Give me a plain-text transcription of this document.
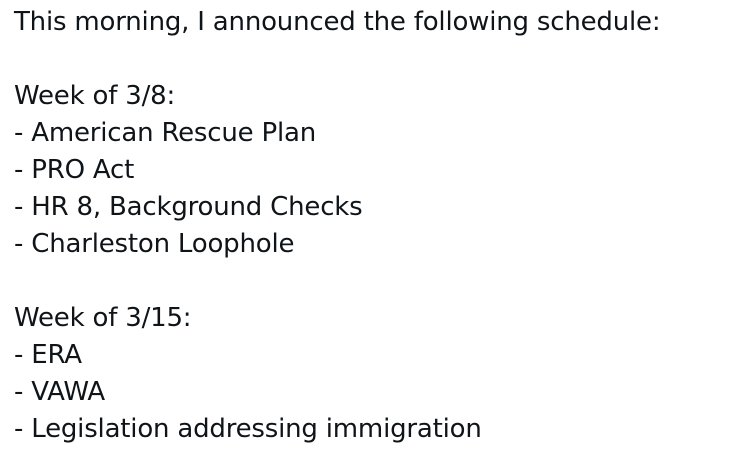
This morning, I announced the following schedule:
Week of 3/8:
- American Rescue Plan
- PRO Act
- HR 8, Background Checks
- Charleston Loophole
Week of 3/15:
- ERA
- VAWA
- Legislation addressing immigration
